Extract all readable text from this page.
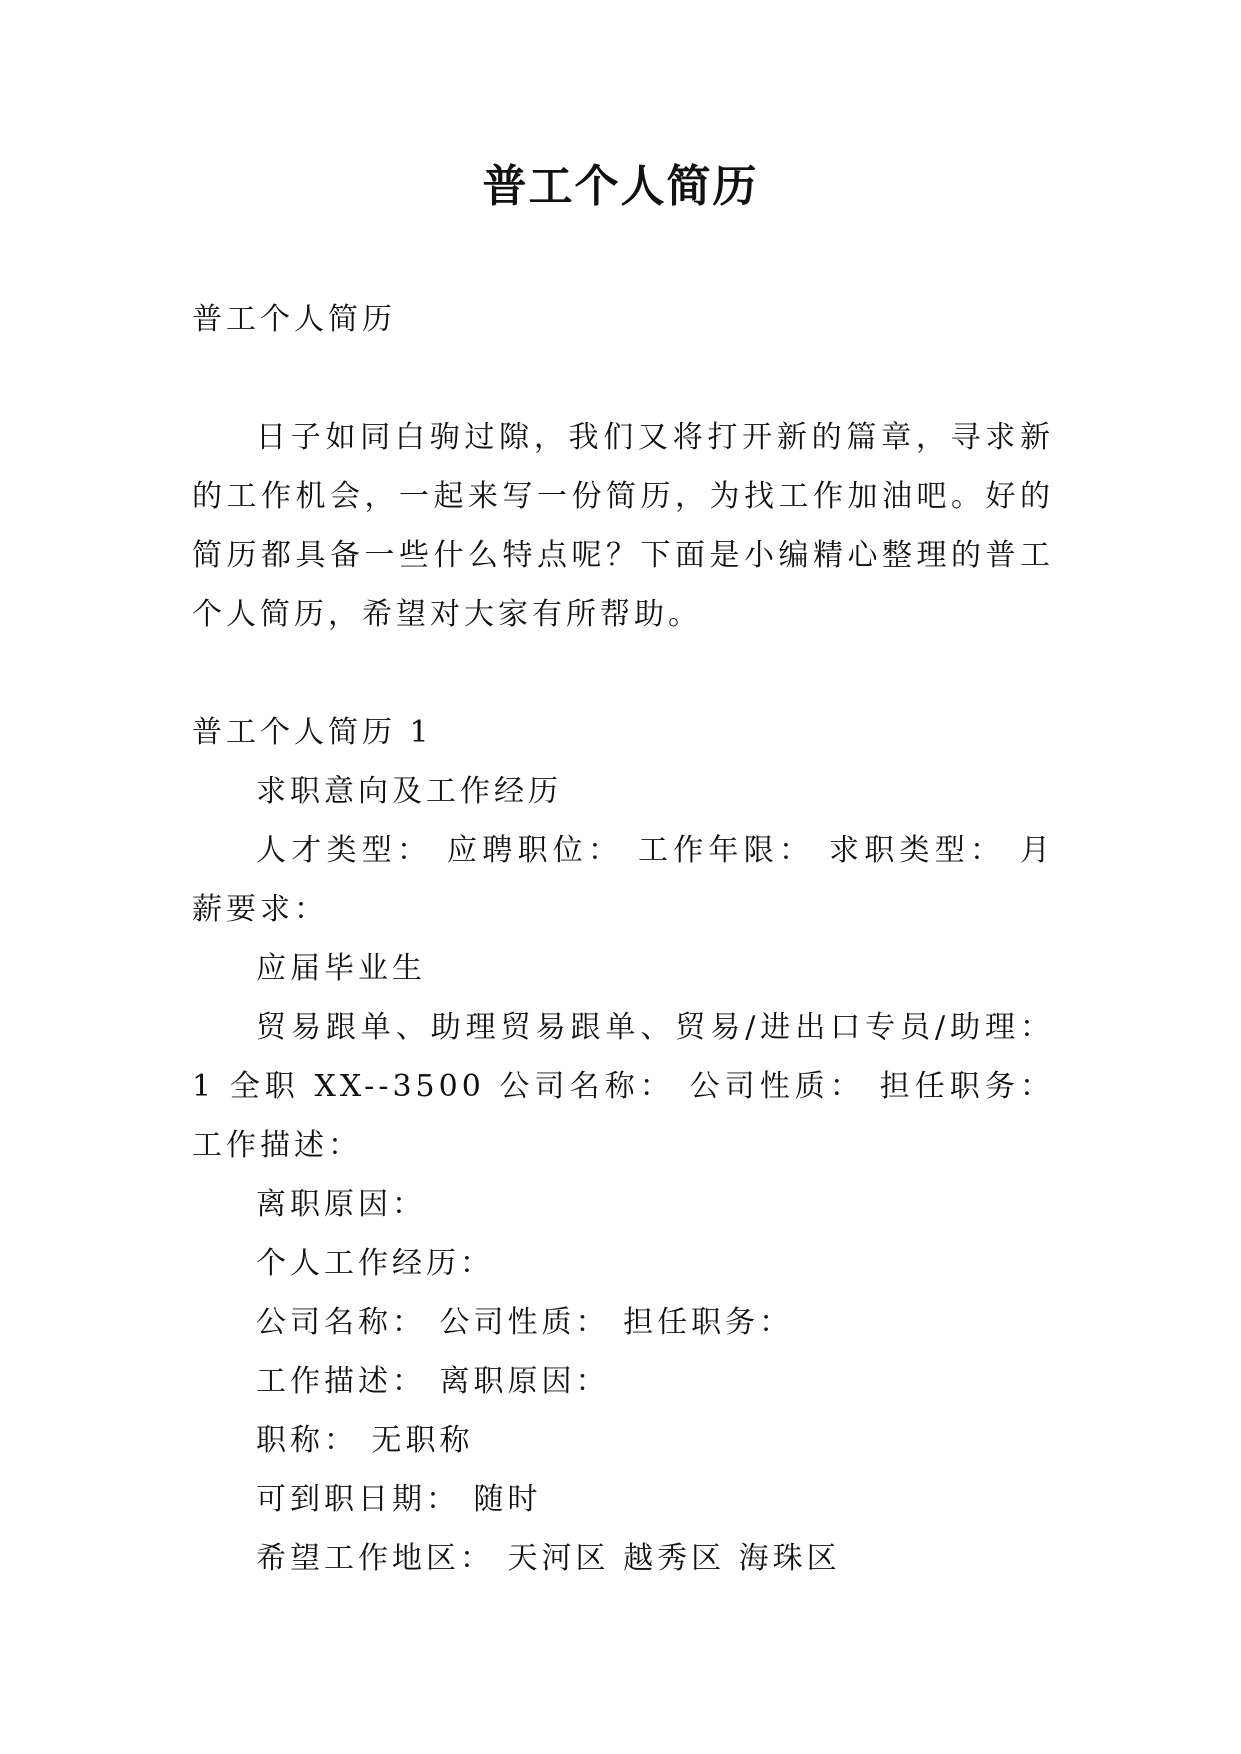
普工个人简历

普工个人简历

日子如同白驹过隙，我们又将打开新的篇章，寻求新的工作机会，一起来写一份简历，为找工作加油吧。好的简历都具备一些什么特点呢？下面是小编精心整理的普工个人简历，希望对大家有所帮助。

普工个人简历 1

求职意向及工作经历

人才类型： 应聘职位： 工作年限： 求职类型： 月薪要求：

应届毕业生

贸易跟单、助理贸易跟单、贸易/进出口专员/助理： 1 全职 XX--3500 公司名称： 公司性质： 担任职务： 工作描述：

离职原因：

个人工作经历：

公司名称： 公司性质： 担任职务：

工作描述： 离职原因：

职称： 无职称

可到职日期： 随时

希望工作地区： 天河区 越秀区 海珠区
